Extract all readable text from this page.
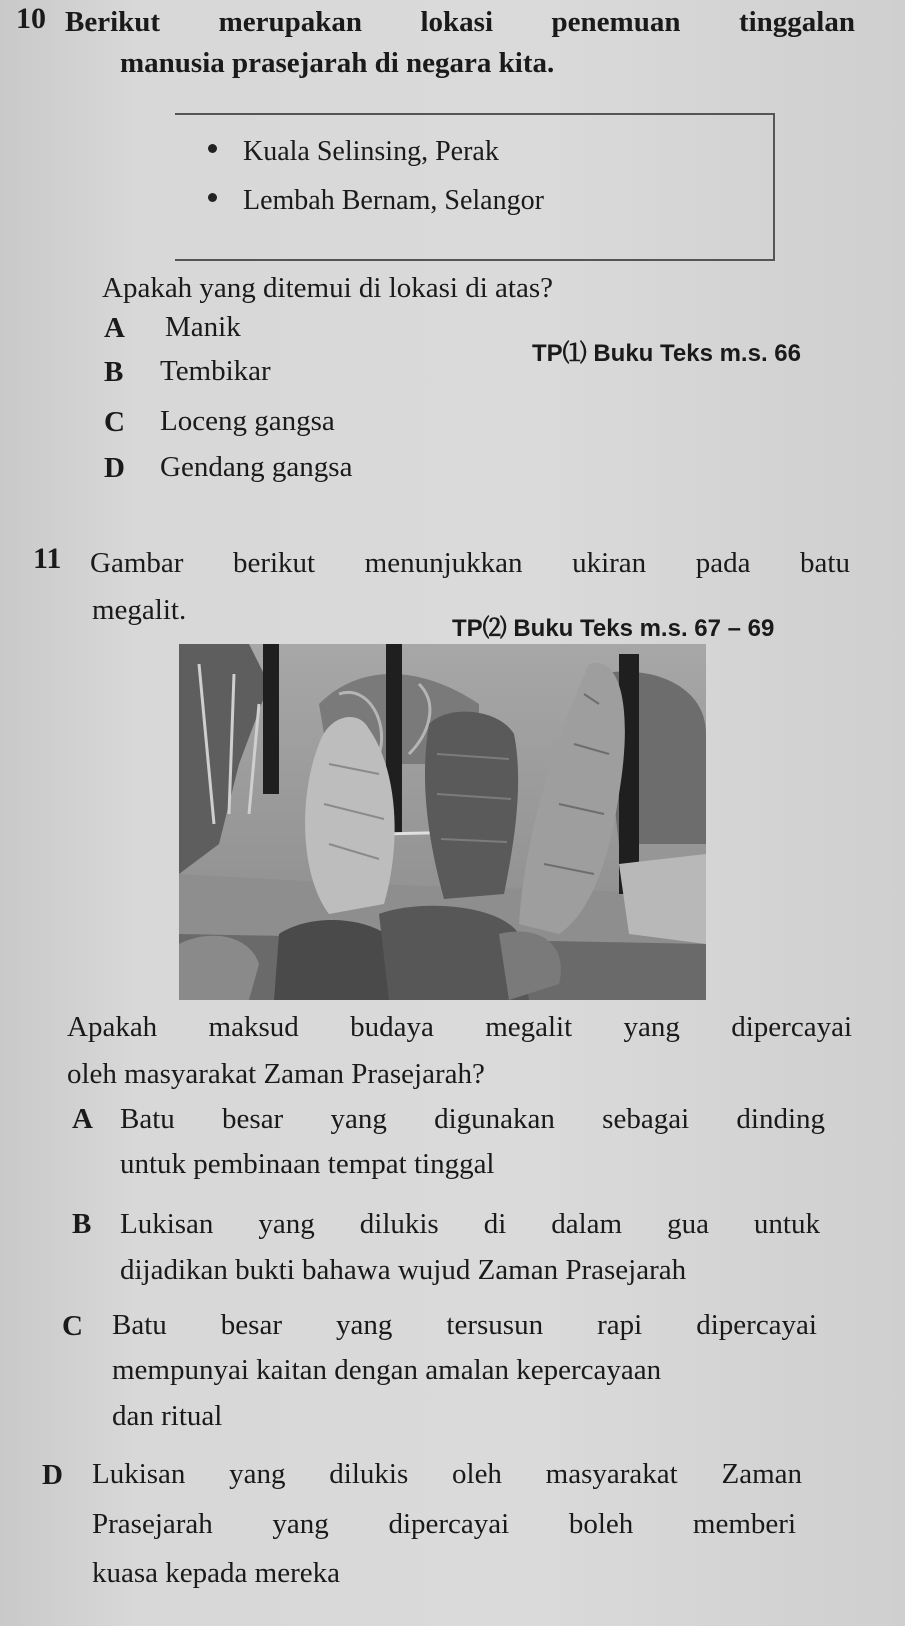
10 Berikut merupakan lokasi penemuan tinggalan
manusia prasejarah di negara kita.
Kuala Selinsing, Perak
Lembah Bernam, Selangor
Apakah yang ditemui di lokasi di atas?
A Manik
TP⑴ Buku Teks m.s. 66
B Tembikar
C Loceng gangsa
D Gendang gangsa
11 Gambar berikut menunjukkan ukiran pada batu
megalit.
TP⑵ Buku Teks m.s. 67 – 69
Apakah maksud budaya megalit yang dipercayai
oleh masyarakat Zaman Prasejarah?
A Batu besar yang digunakan sebagai dinding
untuk pembinaan tempat tinggal
B Lukisan yang dilukis di dalam gua untuk
dijadikan bukti bahawa wujud Zaman Prasejarah
C Batu besar yang tersusun rapi dipercayai
mempunyai kaitan dengan amalan kepercayaan
dan ritual
D Lukisan yang dilukis oleh masyarakat Zaman
Prasejarah yang dipercayai boleh memberi
kuasa kepada mereka
